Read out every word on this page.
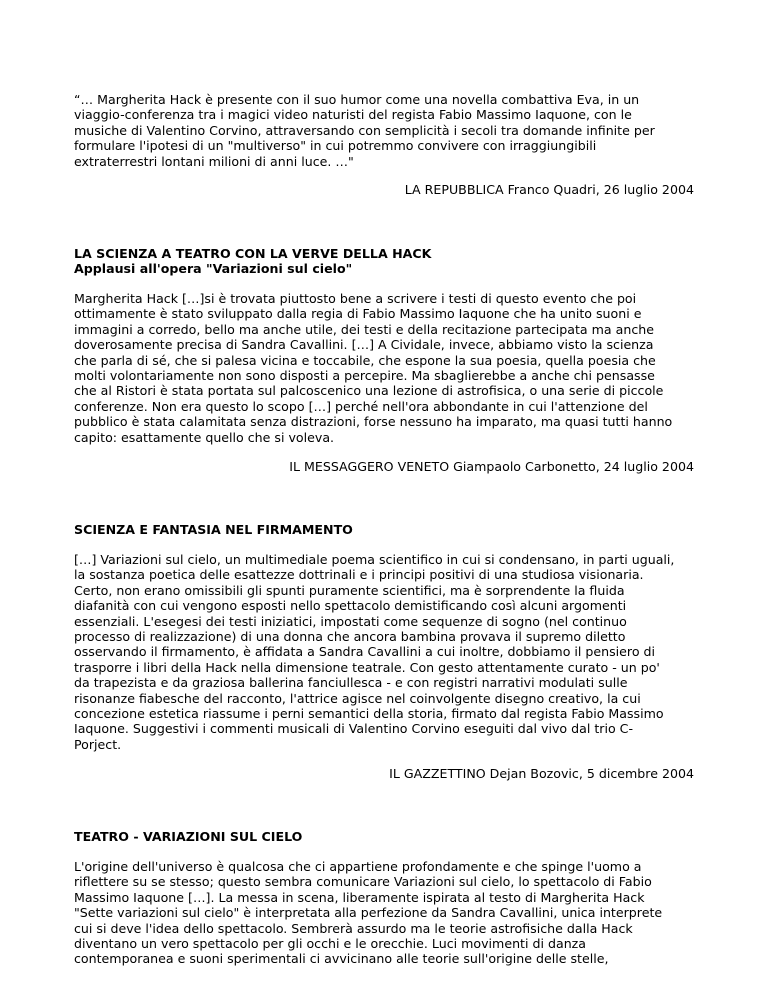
“… Margherita Hack è presente con il suo humor come una novella combattiva Eva, in un
viaggio-conferenza tra i magici video naturisti del regista Fabio Massimo Iaquone, con le
musiche di Valentino Corvino, attraversando con semplicità i secoli tra domande infinite per
formulare l'ipotesi di un "multiverso" in cui potremmo convivere con irraggiungibili
extraterrestri lontani milioni di anni luce. …"

LA REPUBBLICA Franco Quadri, 26 luglio 2004

LA SCIENZA A TEATRO CON LA VERVE DELLA HACK
Applausi all'opera "Variazioni sul cielo"

Margherita Hack […]si è trovata piuttosto bene a scrivere i testi di questo evento che poi
ottimamente è stato sviluppato dalla regia di Fabio Massimo Iaquone che ha unito suoni e
immagini a corredo, bello ma anche utile, dei testi e della recitazione partecipata ma anche
doverosamente precisa di Sandra Cavallini. […] A Cividale, invece, abbiamo visto la scienza
che parla di sé, che si palesa vicina e toccabile, che espone la sua poesia, quella poesia che
molti volontariamente non sono disposti a percepire. Ma sbaglierebbe a anche chi pensasse
che al Ristori è stata portata sul palcoscenico una lezione di astrofisica, o una serie di piccole
conferenze. Non era questo lo scopo […] perché nell'ora abbondante in cui l'attenzione del
pubblico è stata calamitata senza distrazioni, forse nessuno ha imparato, ma quasi tutti hanno
capito: esattamente quello che si voleva.

IL MESSAGGERO VENETO Giampaolo Carbonetto, 24 luglio 2004

SCIENZA E FANTASIA NEL FIRMAMENTO

[…] Variazioni sul cielo, un multimediale poema scientifico in cui si condensano, in parti uguali,
la sostanza poetica delle esattezze dottrinali e i principi positivi di una studiosa visionaria.
Certo, non erano omissibili gli spunti puramente scientifici, ma è sorprendente la fluida
diafanità con cui vengono esposti nello spettacolo demistificando così alcuni argomenti
essenziali. L'esegesi dei testi iniziatici, impostati come sequenze di sogno (nel continuo
processo di realizzazione) di una donna che ancora bambina provava il supremo diletto
osservando il firmamento, è affidata a Sandra Cavallini a cui inoltre, dobbiamo il pensiero di
trasporre i libri della Hack nella dimensione teatrale. Con gesto attentamente curato - un po'
da trapezista e da graziosa ballerina fanciullesca - e con registri narrativi modulati sulle
risonanze fiabesche del racconto, l'attrice agisce nel coinvolgente disegno creativo, la cui
concezione estetica riassume i perni semantici della storia, firmato dal regista Fabio Massimo
Iaquone. Suggestivi i commenti musicali di Valentino Corvino eseguiti dal vivo dal trio C-
Porject.

IL GAZZETTINO Dejan Bozovic, 5 dicembre 2004

TEATRO - VARIAZIONI SUL CIELO

L'origine dell'universo è qualcosa che ci appartiene profondamente e che spinge l'uomo a
riflettere su se stesso; questo sembra comunicare Variazioni sul cielo, lo spettacolo di Fabio
Massimo Iaquone […]. La messa in scena, liberamente ispirata al testo di Margherita Hack
"Sette variazioni sul cielo" è interpretata alla perfezione da Sandra Cavallini, unica interprete
cui si deve l'idea dello spettacolo. Sembrerà assurdo ma le teorie astrofisiche dalla Hack
diventano un vero spettacolo per gli occhi e le orecchie. Luci movimenti di danza
contemporanea e suoni sperimentali ci avvicinano alle teorie sull'origine delle stelle,
